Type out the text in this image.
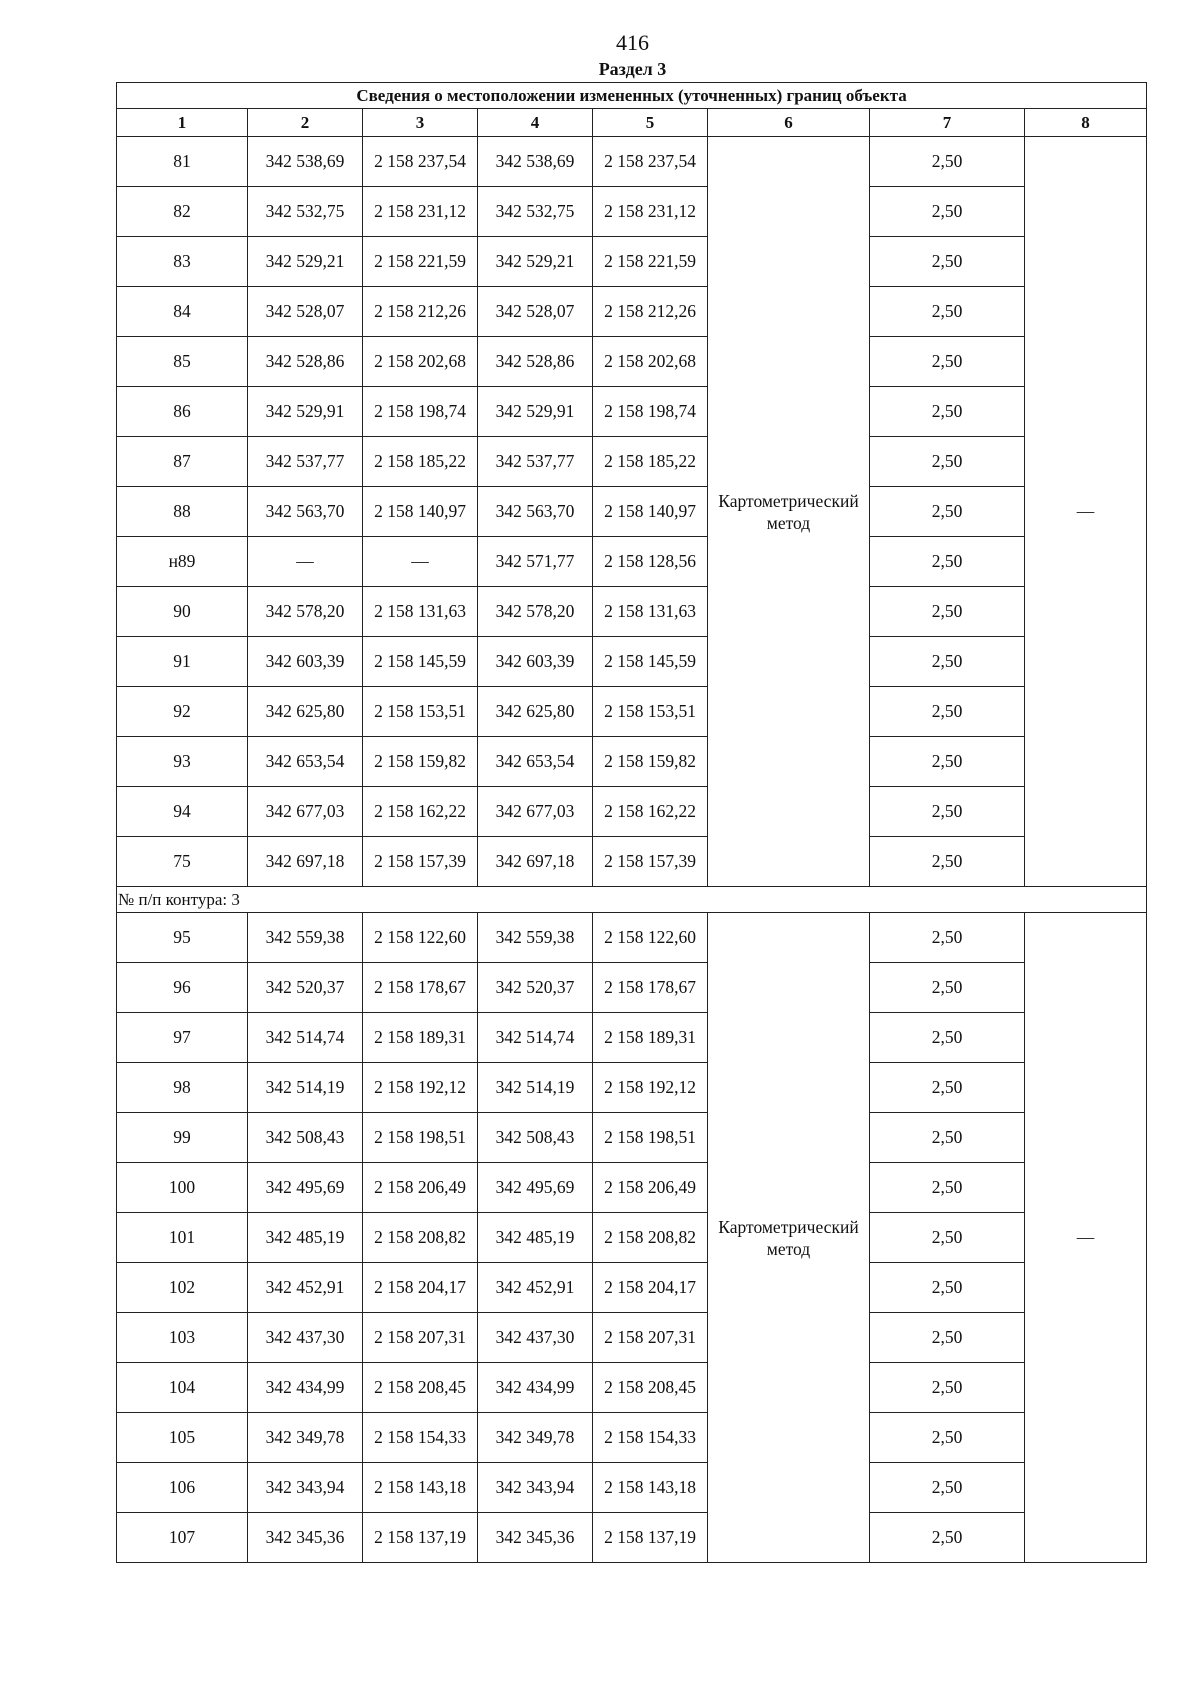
416
Раздел 3
Сведения о местоположении измененных (уточненных) границ объекта							
1	2	3	4	5	6	7	8
81	342 538,69	2 158 237,54	342 538,69	2 158 237,54	Картометрический метод	2,50	—
82	342 532,75	2 158 231,12	342 532,75	2 158 231,12		2,50	
83	342 529,21	2 158 221,59	342 529,21	2 158 221,59		2,50	
84	342 528,07	2 158 212,26	342 528,07	2 158 212,26		2,50	
85	342 528,86	2 158 202,68	342 528,86	2 158 202,68		2,50	
86	342 529,91	2 158 198,74	342 529,91	2 158 198,74		2,50	
87	342 537,77	2 158 185,22	342 537,77	2 158 185,22		2,50	
88	342 563,70	2 158 140,97	342 563,70	2 158 140,97		2,50	
н89	—	—	342 571,77	2 158 128,56		2,50	
90	342 578,20	2 158 131,63	342 578,20	2 158 131,63		2,50	
91	342 603,39	2 158 145,59	342 603,39	2 158 145,59		2,50	
92	342 625,80	2 158 153,51	342 625,80	2 158 153,51		2,50	
93	342 653,54	2 158 159,82	342 653,54	2 158 159,82		2,50	
94	342 677,03	2 158 162,22	342 677,03	2 158 162,22		2,50	
75	342 697,18	2 158 157,39	342 697,18	2 158 157,39		2,50	
№ п/п контура: 3							
95	342 559,38	2 158 122,60	342 559,38	2 158 122,60	Картометрический метод	2,50	—
96	342 520,37	2 158 178,67	342 520,37	2 158 178,67		2,50	
97	342 514,74	2 158 189,31	342 514,74	2 158 189,31		2,50	
98	342 514,19	2 158 192,12	342 514,19	2 158 192,12		2,50	
99	342 508,43	2 158 198,51	342 508,43	2 158 198,51		2,50	
100	342 495,69	2 158 206,49	342 495,69	2 158 206,49		2,50	
101	342 485,19	2 158 208,82	342 485,19	2 158 208,82		2,50	
102	342 452,91	2 158 204,17	342 452,91	2 158 204,17		2,50	
103	342 437,30	2 158 207,31	342 437,30	2 158 207,31		2,50	
104	342 434,99	2 158 208,45	342 434,99	2 158 208,45		2,50	
105	342 349,78	2 158 154,33	342 349,78	2 158 154,33		2,50	
106	342 343,94	2 158 143,18	342 343,94	2 158 143,18		2,50	
107	342 345,36	2 158 137,19	342 345,36	2 158 137,19		2,50	
